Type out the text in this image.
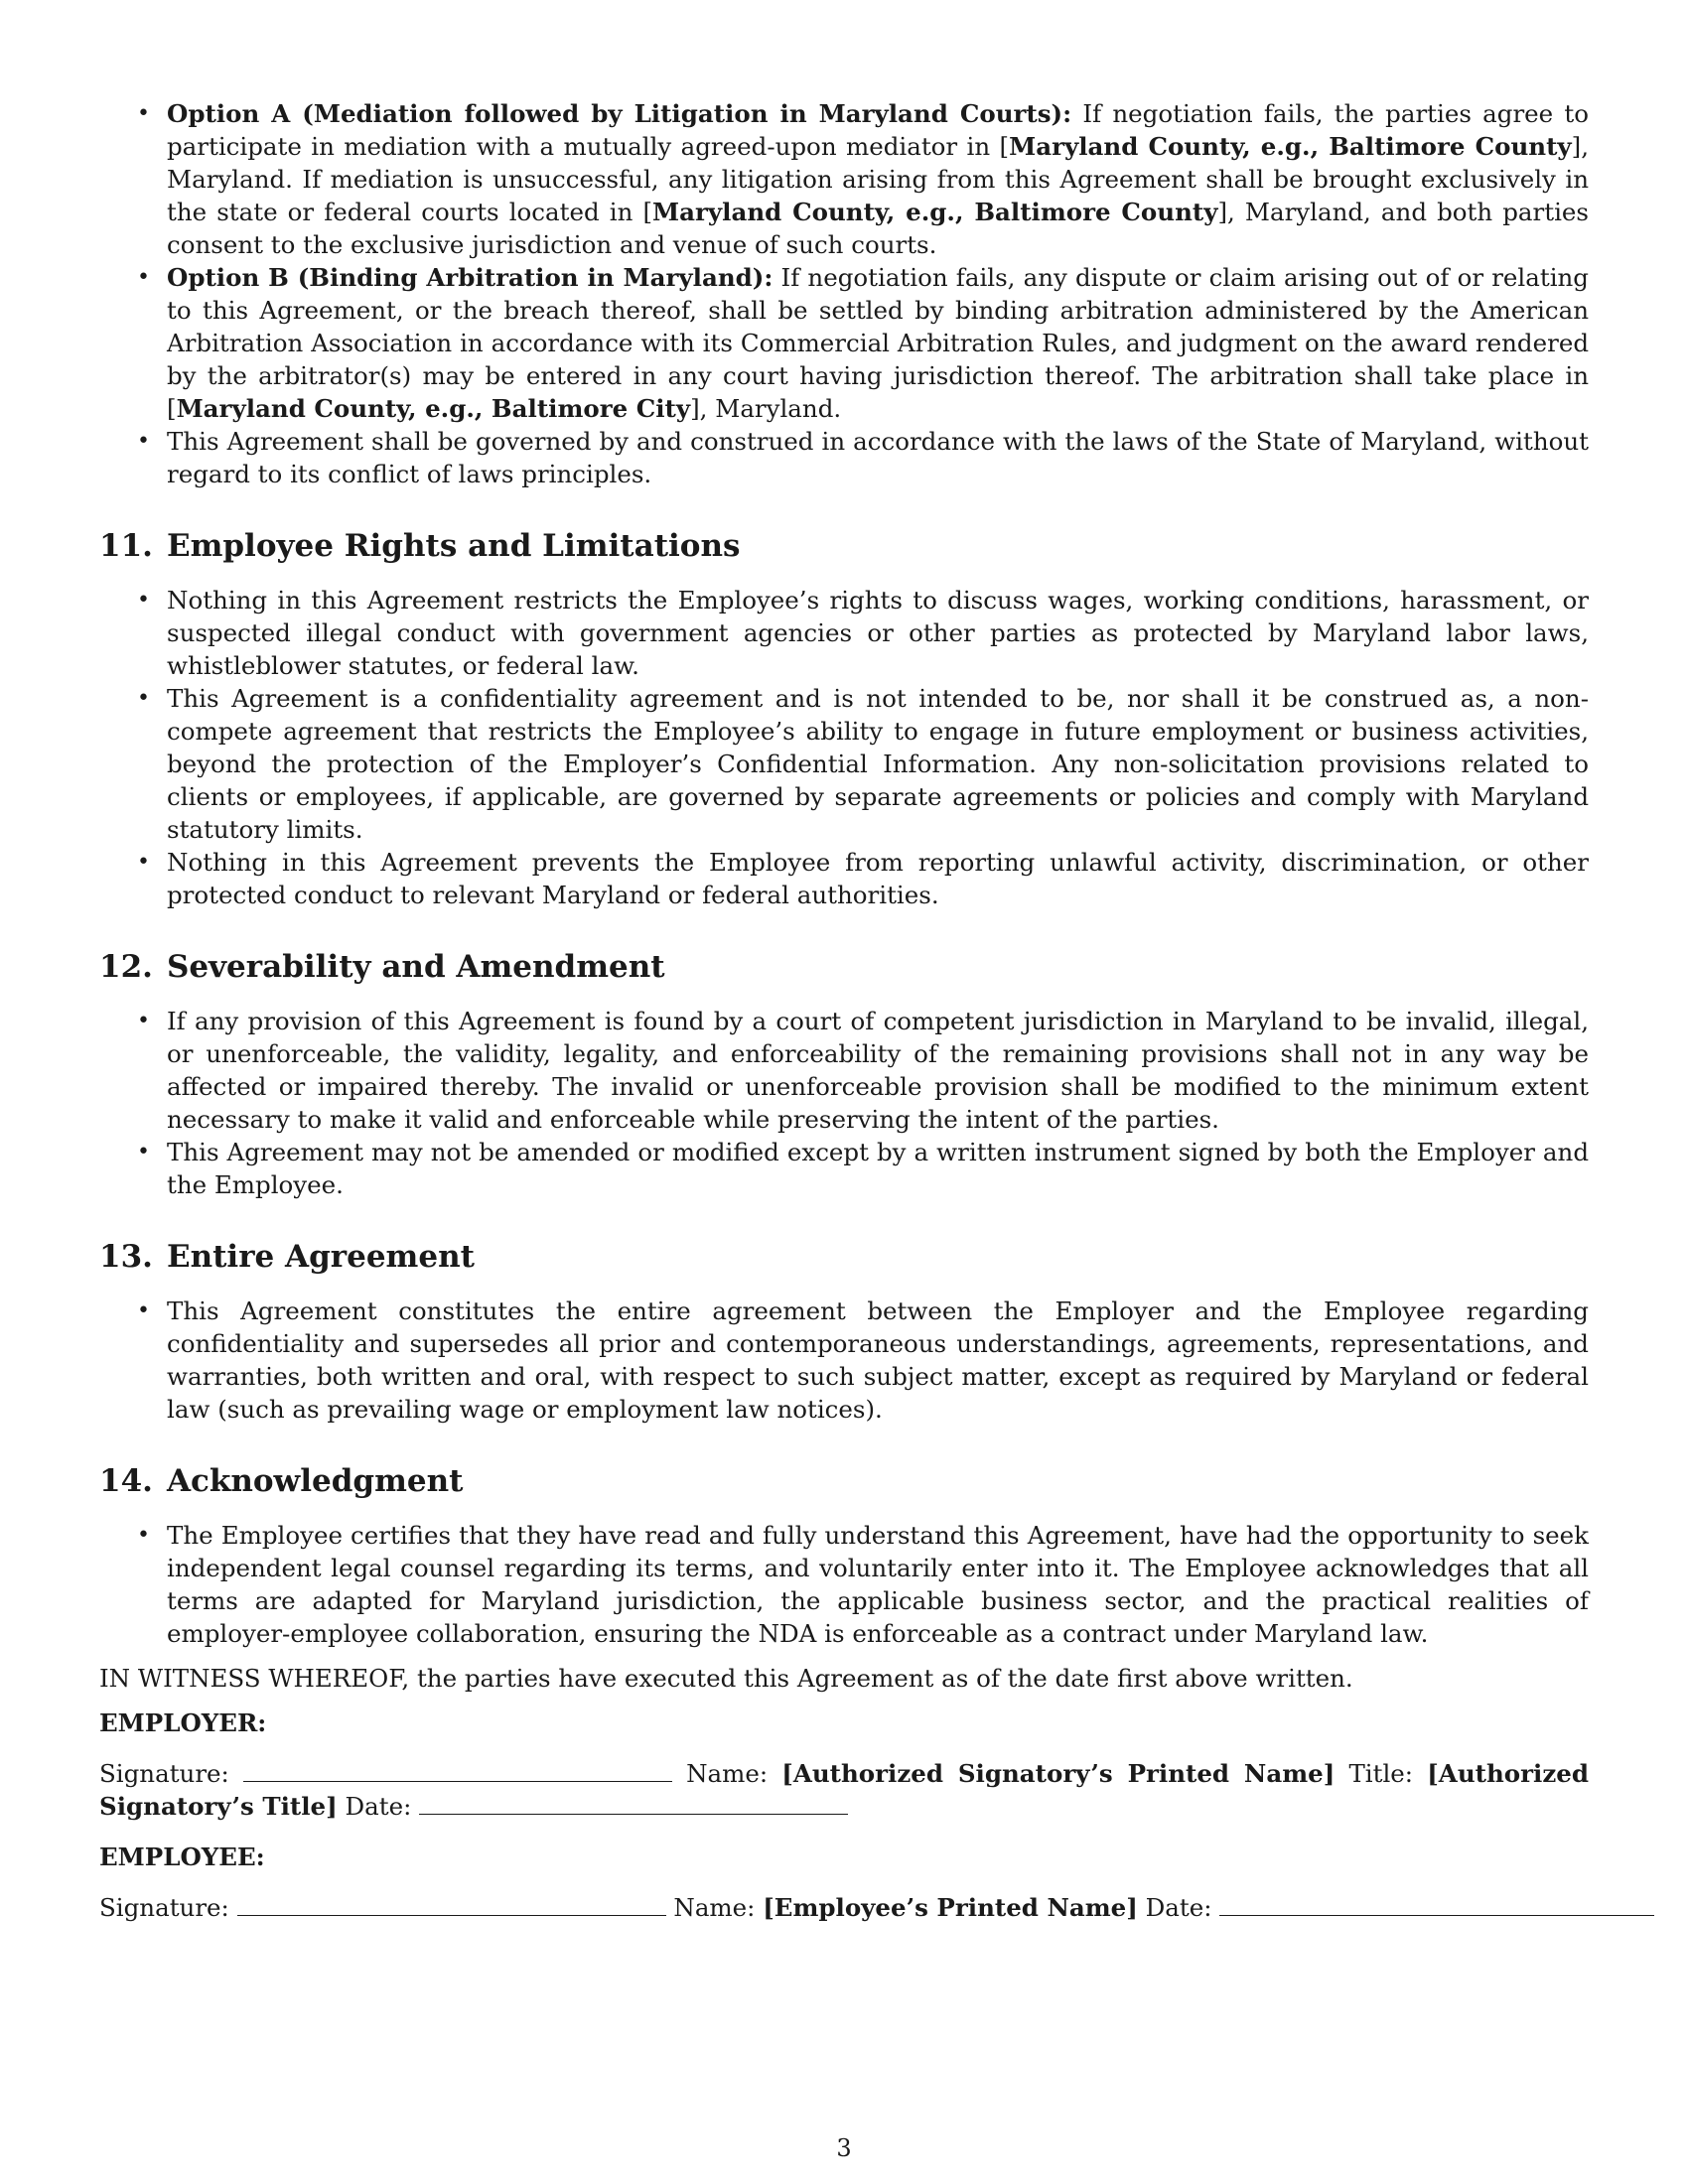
• Option A (Mediation followed by Litigation in Maryland Courts): If negotiation fails, the parties agree to participate in mediation with a mutually agreed-upon mediator in [Maryland County, e.g., Baltimore County], Maryland. If mediation is unsuccessful, any litigation arising from this Agreement shall be brought exclusively in the state or federal courts located in [Maryland County, e.g., Baltimore County], Maryland, and both parties consent to the exclusive jurisdiction and venue of such courts.
• Option B (Binding Arbitration in Maryland): If negotiation fails, any dispute or claim arising out of or relating to this Agreement, or the breach thereof, shall be settled by binding arbitration administered by the American Arbitration Association in accordance with its Commercial Arbitration Rules, and judgment on the award rendered by the arbitrator(s) may be entered in any court having jurisdiction thereof. The arbitration shall take place in [Maryland County, e.g., Baltimore City], Maryland.
• This Agreement shall be governed by and construed in accordance with the laws of the State of Maryland, without regard to its conflict of laws principles.
11. Employee Rights and Limitations
• Nothing in this Agreement restricts the Employee’s rights to discuss wages, working conditions, harassment, or suspected illegal conduct with government agencies or other parties as protected by Maryland labor laws, whistleblower statutes, or federal law.
• This Agreement is a confidentiality agreement and is not intended to be, nor shall it be construed as, a non-compete agreement that restricts the Employee’s ability to engage in future employment or business activities, beyond the protection of the Employer’s Confidential Information. Any non-solicitation provisions related to clients or employees, if applicable, are governed by separate agreements or policies and comply with Maryland statutory limits.
• Nothing in this Agreement prevents the Employee from reporting unlawful activity, discrimination, or other protected conduct to relevant Maryland or federal authorities.
12. Severability and Amendment
• If any provision of this Agreement is found by a court of competent jurisdiction in Maryland to be invalid, illegal, or unenforceable, the validity, legality, and enforceability of the remaining provisions shall not in any way be affected or impaired thereby. The invalid or unenforceable provision shall be modified to the minimum extent necessary to make it valid and enforceable while preserving the intent of the parties.
• This Agreement may not be amended or modified except by a written instrument signed by both the Employer and the Employee.
13. Entire Agreement
• This Agreement constitutes the entire agreement between the Employer and the Employee regarding confidentiality and supersedes all prior and contemporaneous understandings, agreements, representations, and warranties, both written and oral, with respect to such subject matter, except as required by Maryland or federal law (such as prevailing wage or employment law notices).
14. Acknowledgment
• The Employee certifies that they have read and fully understand this Agreement, have had the opportunity to seek independent legal counsel regarding its terms, and voluntarily enter into it. The Employee acknowledges that all terms are adapted for Maryland jurisdiction, the applicable business sector, and the practical realities of employer-employee collaboration, ensuring the NDA is enforceable as a contract under Maryland law.
IN WITNESS WHEREOF, the parties have executed this Agreement as of the date first above written.
EMPLOYER:
Signature:	Name: [Authorized Signatory’s Printed Name] Title: [Authorized Signatory’s Title] Date:
EMPLOYEE:
Signature:	Name: [Employee’s Printed Name] Date:
3
